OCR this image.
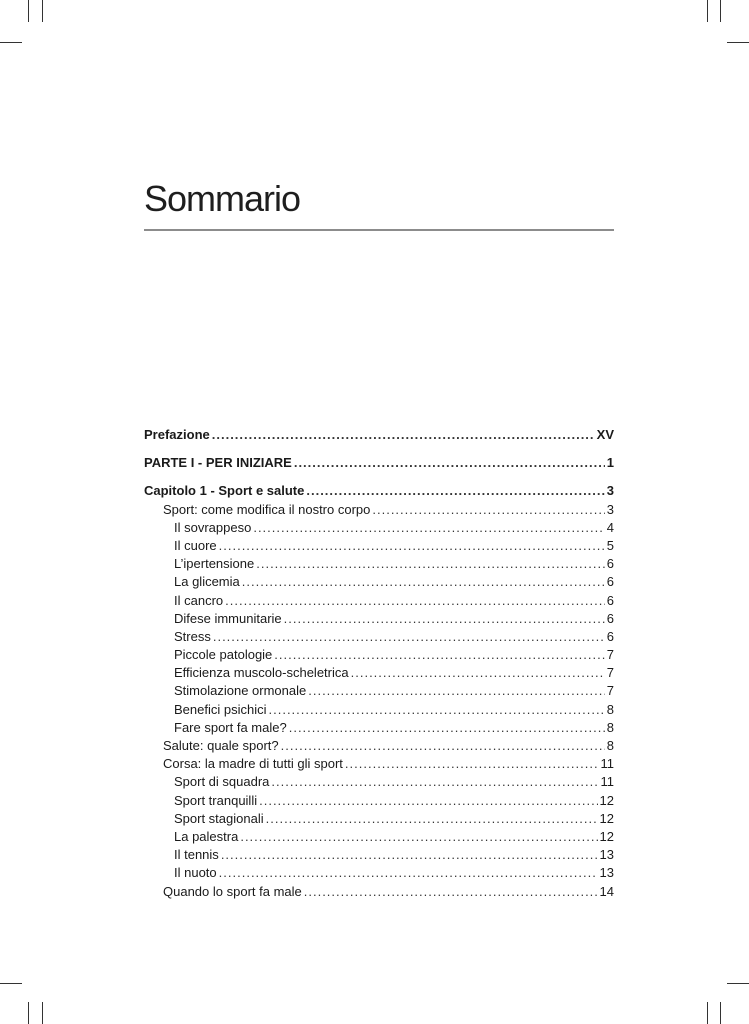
Sommario
Prefazione .....	XV
PARTE I - PER INIZIARE .....	1
Capitolo 1 - Sport e salute .....	3
Sport: come modifica il nostro corpo .....	3
Il sovrappeso .....	4
Il cuore .....	5
L’ipertensione .....	6
La glicemia .....	6
Il cancro .....	6
Difese immunitarie .....	6
Stress .....	6
Piccole patologie .....	7
Efficienza muscolo-scheletrica .....	7
Stimolazione ormonale .....	7
Benefici psichici .....	8
Fare sport fa male? .....	8
Salute: quale sport? .....	8
Corsa: la madre di tutti gli sport .....	11
Sport di squadra .....	11
Sport tranquilli .....	12
Sport stagionali .....	12
La palestra .....	12
Il tennis .....	13
Il nuoto .....	13
Quando lo sport fa male .....	14
